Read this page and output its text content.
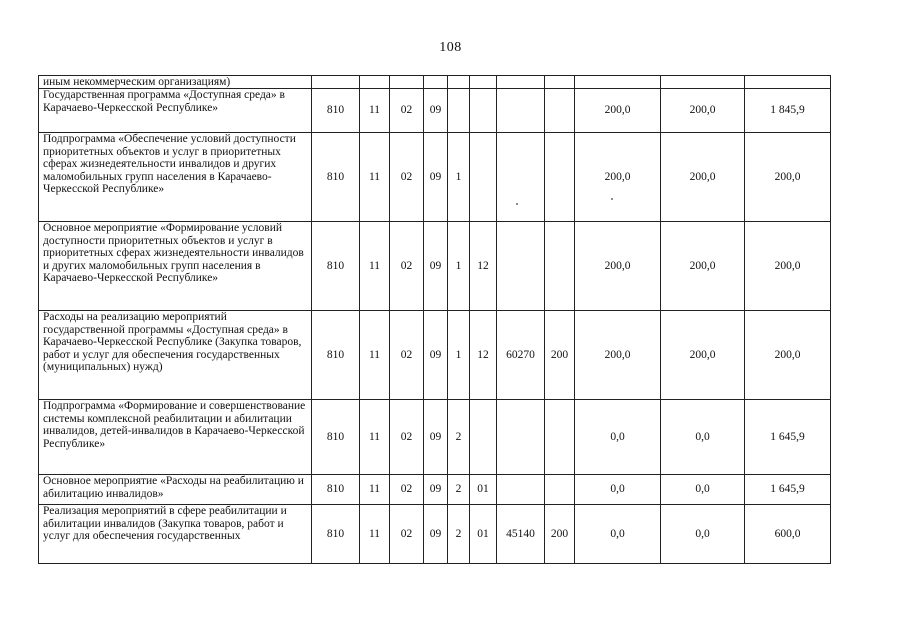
108
иным некоммерческим организациям)											
Государственная программа «Доступная среда» в Карачаево-Черкесской Республике»	810	11	02	09					200,0	200,0	1 845,9
Подпрограмма «Обеспечение условий доступности приоритетных объектов и услуг в приоритетных сферах жизнедеятельности инвалидов и других маломобильных групп населения в Карачаево-Черкесской Республике»	810	11	02	09	1				200,0	200,0	200,0
Основное мероприятие «Формирование условий доступности приоритетных объектов и услуг в приоритетных сферах жизнедеятельности инвалидов и других маломобильных групп населения в Карачаево-Черкесской Республике»	810	11	02	09	1	12			200,0	200,0	200,0
Расходы на реализацию мероприятий государственной программы «Доступная среда» в Карачаево-Черкесской Республике (Закупка товаров, работ и услуг для обеспечения государственных (муниципальных) нужд)	810	11	02	09	1	12	60270	200	200,0	200,0	200,0
Подпрограмма «Формирование и совершенствование системы комплексной реабилитации и абилитации инвалидов, детей-инвалидов в Карачаево-Черкесской Республике»	810	11	02	09	2				0,0	0,0	1 645,9
Основное мероприятие «Расходы на реабилитацию и абилитацию инвалидов»	810	11	02	09	2	01			0,0	0,0	1 645,9
Реализация мероприятий в сфере реабилитации и абилитации инвалидов (Закупка товаров, работ и услуг для обеспечения государственных	810	11	02	09	2	01	45140	200	0,0	0,0	600,0
